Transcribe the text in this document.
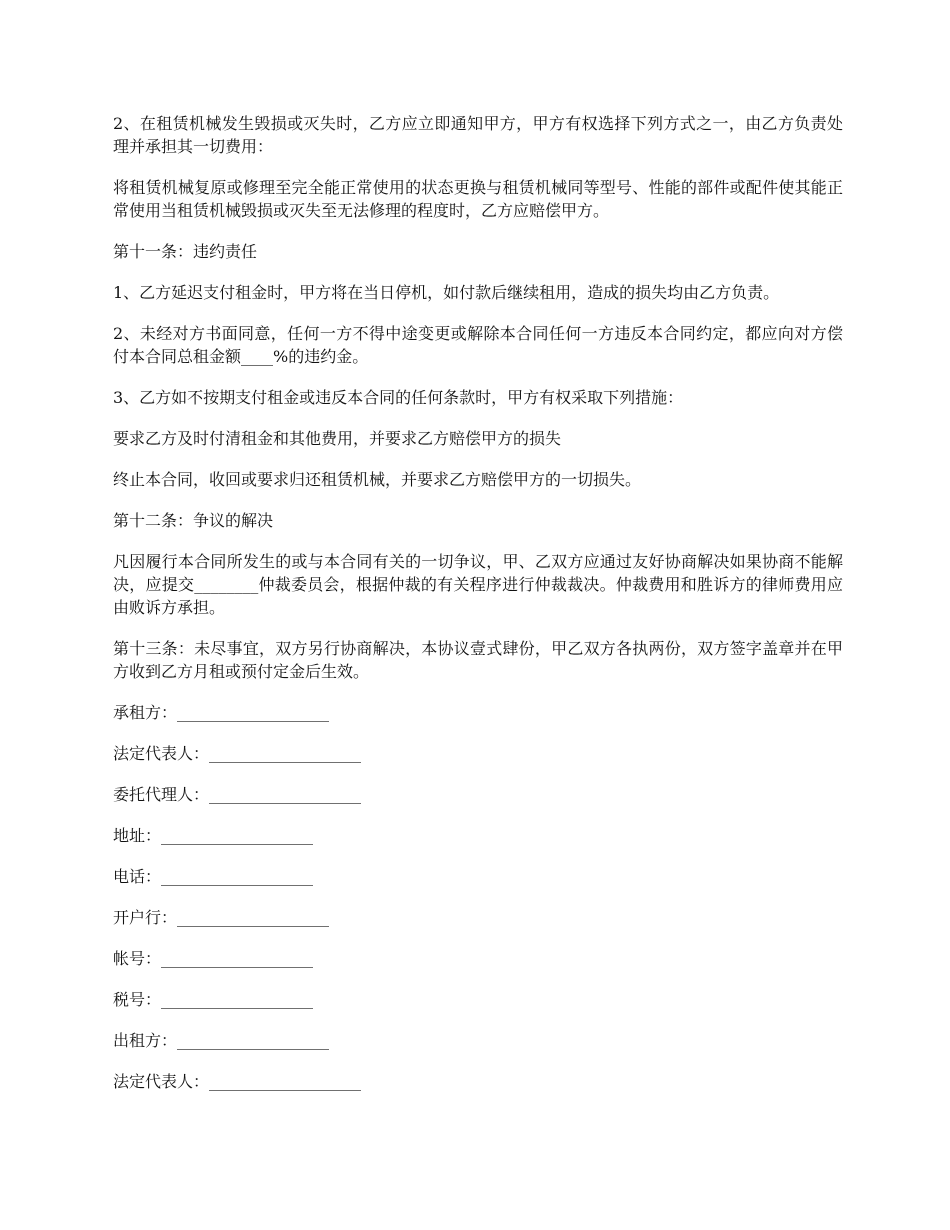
2、在租赁机械发生毁损或灭失时，乙方应立即通知甲方，甲方有权选择下列方式之一，由乙方负责处理并承担其一切费用：

将租赁机械复原或修理至完全能正常使用的状态更换与租赁机械同等型号、性能的部件或配件使其能正常使用当租赁机械毁损或灭失至无法修理的程度时，乙方应赔偿甲方。

第十一条：违约责任

1、乙方延迟支付租金时，甲方将在当日停机，如付款后继续租用，造成的损失均由乙方负责。

2、未经对方书面同意，任何一方不得中途变更或解除本合同任何一方违反本合同约定，都应向对方偿付本合同总租金额____%的违约金。

3、乙方如不按期支付租金或违反本合同的任何条款时，甲方有权采取下列措施：

要求乙方及时付清租金和其他费用，并要求乙方赔偿甲方的损失

终止本合同，收回或要求归还租赁机械，并要求乙方赔偿甲方的一切损失。

第十二条：争议的解决

凡因履行本合同所发生的或与本合同有关的一切争议，甲、乙双方应通过友好协商解决如果协商不能解决，应提交________仲裁委员会，根据仲裁的有关程序进行仲裁裁决。仲裁费用和胜诉方的律师费用应由败诉方承担。

第十三条：未尽事宜，双方另行协商解决，本协议壹式肆份，甲乙双方各执两份，双方签字盖章并在甲方收到乙方月租或预付定金后生效。

承租方：___________________
法定代表人：___________________
委托代理人：___________________
地址：___________________
电话：___________________
开户行：___________________
帐号：___________________
税号：___________________
出租方：___________________
法定代表人：___________________
